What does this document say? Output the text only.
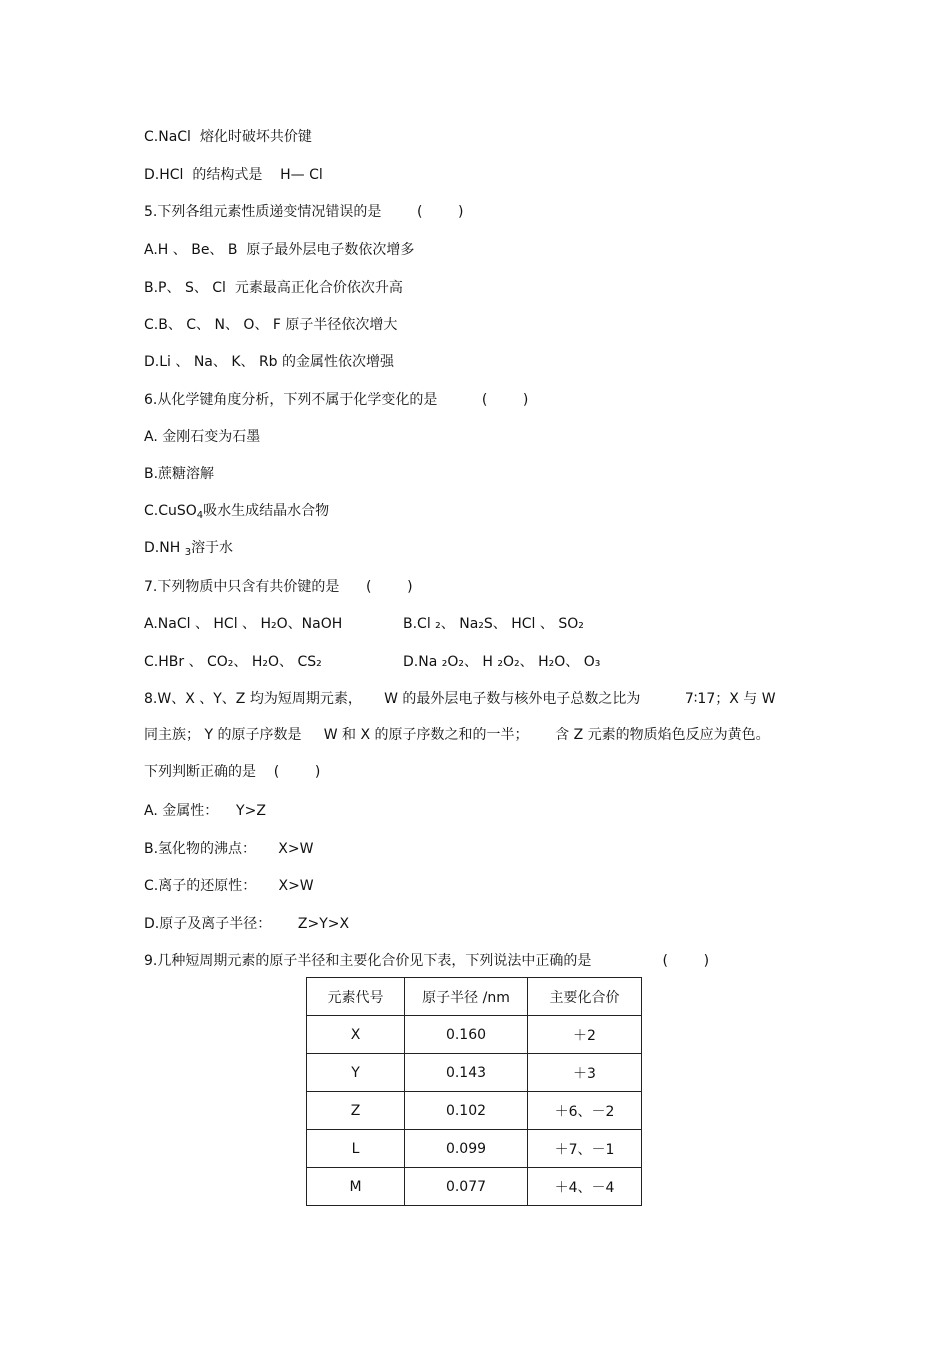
C.NaCl  熔化时破坏共价键
D.HCl  的结构式是    H— Cl
5.下列各组元素性质递变情况错误的是        (        )
A.H 、 Be、 B  原子最外层电子数依次增多
B.P、 S、 Cl  元素最高正化合价依次升高
C.B、 C、 N、 O、 F 原子半径依次增大
D.Li 、 Na、 K、 Rb 的金属性依次增强
6.从化学键角度分析，下列不属于化学变化的是          (        )
A. 金刚石变为石墨
B.蔗糖溶解
C.CuSO$_4$吸水生成结晶水合物
D.NH $_3$溶于水
7.下列物质中只含有共价键的是      (        )
A.NaCl 、 HCl 、 H₂O、NaOH	B.Cl ₂、 Na₂S、 HCl 、 SO₂
C.HBr 、 CO₂、 H₂O、 CS₂	D.Na ₂O₂、 H ₂O₂、 H₂O、 O₃
8.W、X 、Y、Z 均为短周期元素，     W 的最外层电子数与核外电子总数之比为          7∶17；X 与 W
同主族； Y 的原子序数是     W 和 X 的原子序数之和的一半；      含 Z 元素的物质焰色反应为黄色。
下列判断正确的是    (        )
A. 金属性：    Y>Z
B.氢化物的沸点：     X>W
C.离子的还原性：     X>W
D.原子及离子半径：      Z>Y>X
9.几种短周期元素的原子半径和主要化合价见下表，下列说法中正确的是                (        )
元素代号	原子半径 /nm	主要化合价
X	0.160	＋2
Y	0.143	＋3
Z	0.102	＋6、－2
L	0.099	＋7、－1
M	0.077	＋4、－4
